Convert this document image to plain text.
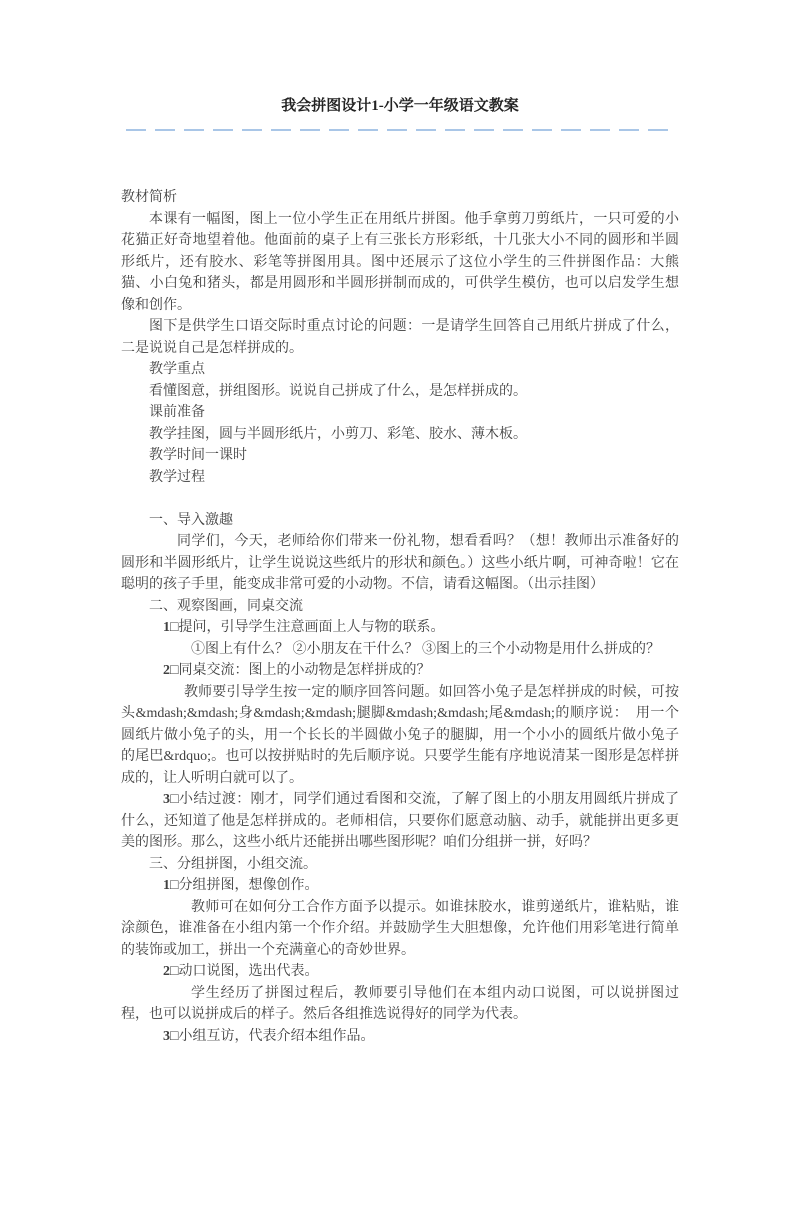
我会拼图设计1-小学一年级语文教案

教材简析

本课有一幅图，图上一位小学生正在用纸片拼图。他手拿剪刀剪纸片，一只可爱的小花猫正好奇地望着他。他面前的桌子上有三张长方形彩纸，十几张大小不同的圆形和半圆形纸片，还有胶水、彩笔等拼图用具。图中还展示了这位小学生的三件拼图作品：大熊猫、小白兔和猪头，都是用圆形和半圆形拼制而成的，可供学生模仿，也可以启发学生想像和创作。

图下是供学生口语交际时重点讨论的问题：一是请学生回答自己用纸片拼成了什么，二是说说自己是怎样拼成的。

教学重点

看懂图意，拼组图形。说说自己拼成了什么，是怎样拼成的。

课前准备

教学挂图，圆与半圆形纸片，小剪刀、彩笔、胶水、薄木板。

教学时间一课时

教学过程

一、导入激趣

同学们，今天，老师给你们带来一份礼物，想看看吗？（想！教师出示准备好的圆形和半圆形纸片，让学生说说这些纸片的形状和颜色。）这些小纸片啊，可神奇啦！它在聪明的孩子手里，能变成非常可爱的小动物。不信，请看这幅图。（出示挂图）

二、观察图画，同桌交流

1□提问，引导学生注意画面上人与物的联系。

①图上有什么？ ②小朋友在干什么？ ③图上的三个小动物是用什么拼成的？

2□同桌交流：图上的小动物是怎样拼成的？

教师要引导学生按一定的顺序回答问题。如回答小兔子是怎样拼成的时候，可按头&mdash;&mdash;身&mdash;&mdash;腿脚&mdash;&mdash;尾&mdash;的顺序说：　用一个圆纸片做小兔子的头，用一个长长的半圆做小兔子的腿脚，用一个小小的圆纸片做小兔子的尾巴&rdquo;。也可以按拼贴时的先后顺序说。只要学生能有序地说清某一图形是怎样拼成的，让人听明白就可以了。

3□小结过渡：刚才，同学们通过看图和交流，了解了图上的小朋友用圆纸片拼成了什么，还知道了他是怎样拼成的。老师相信，只要你们愿意动脑、动手，就能拼出更多更美的图形。那么，这些小纸片还能拼出哪些图形呢？咱们分组拼一拼，好吗？

三、分组拼图，小组交流。

1□分组拼图，想像创作。

教师可在如何分工合作方面予以提示。如谁抹胶水，谁剪递纸片，谁粘贴，谁涂颜色，谁准备在小组内第一个作介绍。并鼓励学生大胆想像，允许他们用彩笔进行简单的装饰或加工，拼出一个充满童心的奇妙世界。

2□动口说图，选出代表。

学生经历了拼图过程后，教师要引导他们在本组内动口说图，可以说拼图过程，也可以说拼成后的样子。然后各组推选说得好的同学为代表。

3□小组互访，代表介绍本组作品。
